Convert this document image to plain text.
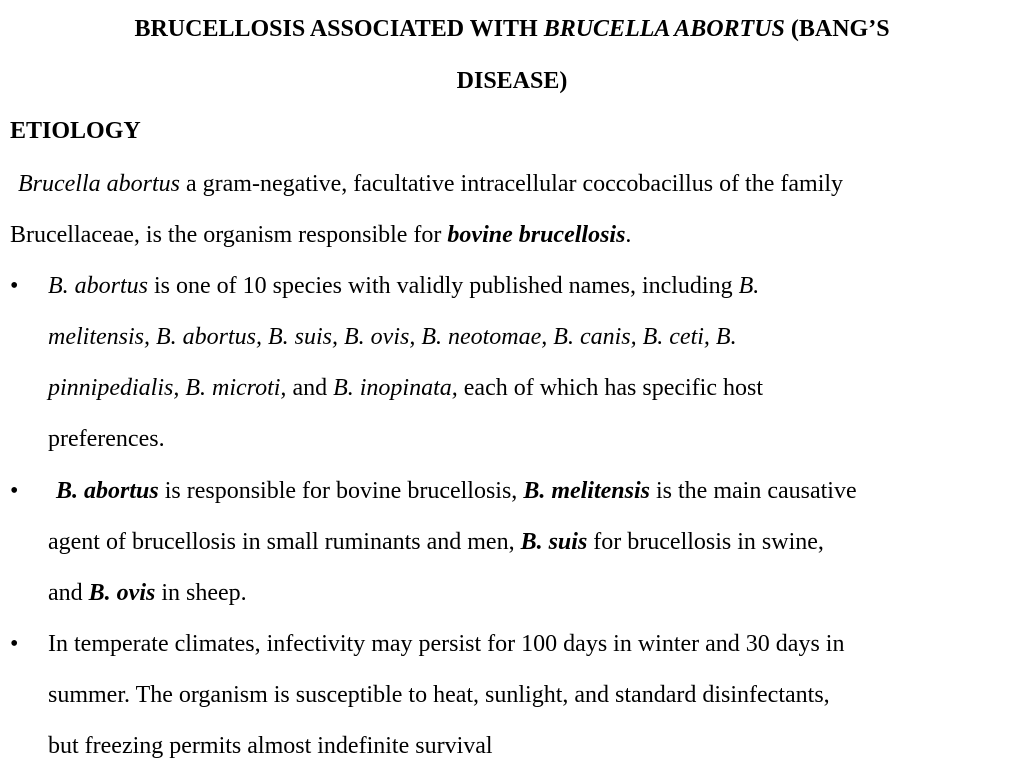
BRUCELLOSIS ASSOCIATED WITH BRUCELLA ABORTUS (BANG’S
DISEASE)
ETIOLOGY
Brucella abortus a gram-negative, facultative intracellular coccobacillus of the family
Brucellaceae, is the organism responsible for bovine brucellosis.
• B. abortus is one of 10 species with validly published names, including B.
melitensis, B. abortus, B. suis, B. ovis, B. neotomae, B. canis, B. ceti, B.
pinnipedialis, B. microti, and B. inopinata, each of which has specific host
preferences.
• B. abortus is responsible for bovine brucellosis, B. melitensis is the main causative
agent of brucellosis in small ruminants and men, B. suis for brucellosis in swine,
and B. ovis in sheep.
• In temperate climates, infectivity may persist for 100 days in winter and 30 days in
summer. The organism is susceptible to heat, sunlight, and standard disinfectants,
but freezing permits almost indefinite survival
